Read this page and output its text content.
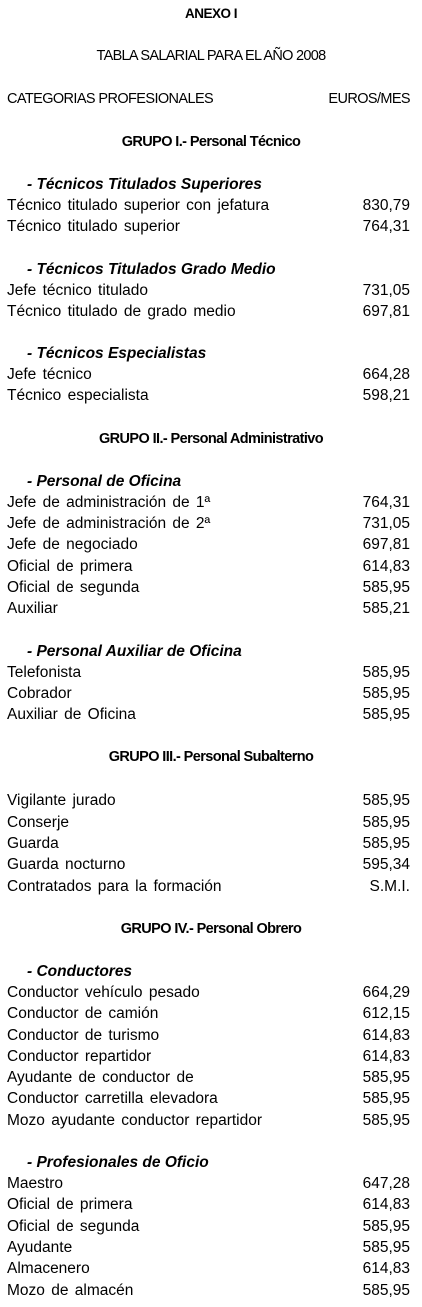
ANEXO I
TABLA SALARIAL PARA EL AÑO 2008
CATEGORIAS PROFESIONALES	EUROS/MES
GRUPO I.- Personal Técnico
- Técnicos Titulados Superiores
Técnico titulado superior con jefatura	830,79
Técnico titulado superior	764,31
- Técnicos Titulados Grado Medio
Jefe técnico titulado	731,05
Técnico titulado de grado medio	697,81
- Técnicos Especialistas
Jefe técnico	664,28
Técnico especialista	598,21
GRUPO II.- Personal Administrativo
- Personal de Oficina
Jefe de administración de 1ª	764,31
Jefe de administración de 2ª	731,05
Jefe de negociado	697,81
Oficial de primera	614,83
Oficial de segunda	585,95
Auxiliar	585,21
- Personal Auxiliar de Oficina
Telefonista	585,95
Cobrador	585,95
Auxiliar de Oficina	585,95
GRUPO III.- Personal Subalterno
Vigilante jurado	585,95
Conserje	585,95
Guarda	585,95
Guarda nocturno	595,34
Contratados para la formación	S.M.I.
GRUPO IV.- Personal Obrero
- Conductores
Conductor vehículo pesado	664,29
Conductor de camión	612,15
Conductor de turismo	614,83
Conductor repartidor	614,83
Ayudante de conductor de	585,95
Conductor carretilla elevadora	585,95
Mozo ayudante conductor repartidor	585,95
- Profesionales de Oficio
Maestro	647,28
Oficial de primera	614,83
Oficial de segunda	585,95
Ayudante	585,95
Almacenero	614,83
Mozo de almacén	585,95
